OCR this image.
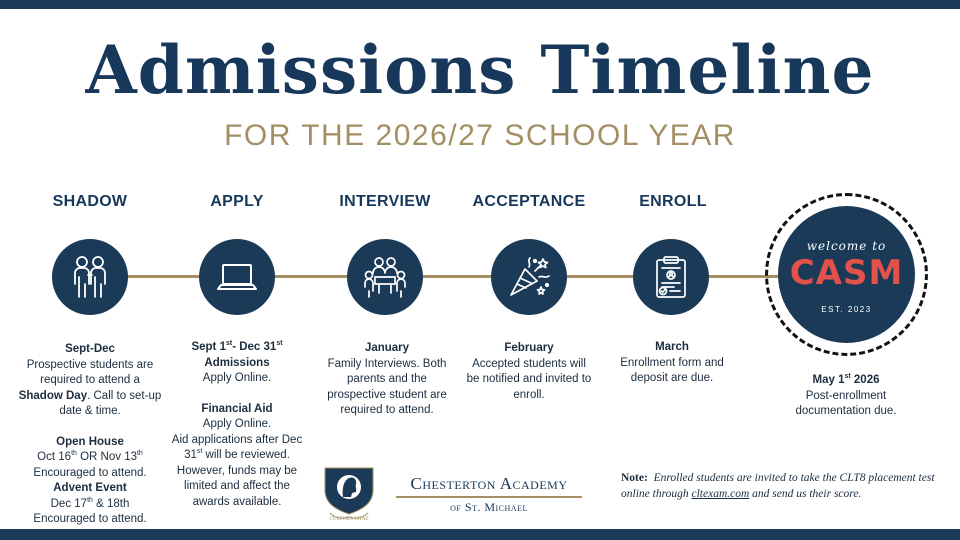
Admissions Timeline
FOR THE 2026/27 SCHOOL YEAR
SHADOW	APPLY	INTERVIEW	ACCEPTANCE	ENROLL
welcome to
CASM
EST. 2023
Sept-Dec
Prospective students are required to attend a Shadow Day. Call to set-up date & time.
Open House
Oct 16th OR Nov 13th
Encouraged to attend.
Advent Event
Dec 17th & 18th
Encouraged to attend.
Sept 1st- Dec 31st
Admissions
Apply Online.
Financial Aid
Apply Online.
Aid applications after Dec 31st will be reviewed. However, funds may be limited and affect the awards available.
January
Family Interviews. Both parents and the prospective student are required to attend.
February
Accepted students will be notified and invited to enroll.
March
Enrollment form and deposit are due.	May 1st 2026
Post-enrollment documentation due.
CULTURA VITAE
Chesterton Academy
of St. Michael
Note: Enrolled students are invited to take the CLT8 placement test online through cltexam.com and send us their score.
